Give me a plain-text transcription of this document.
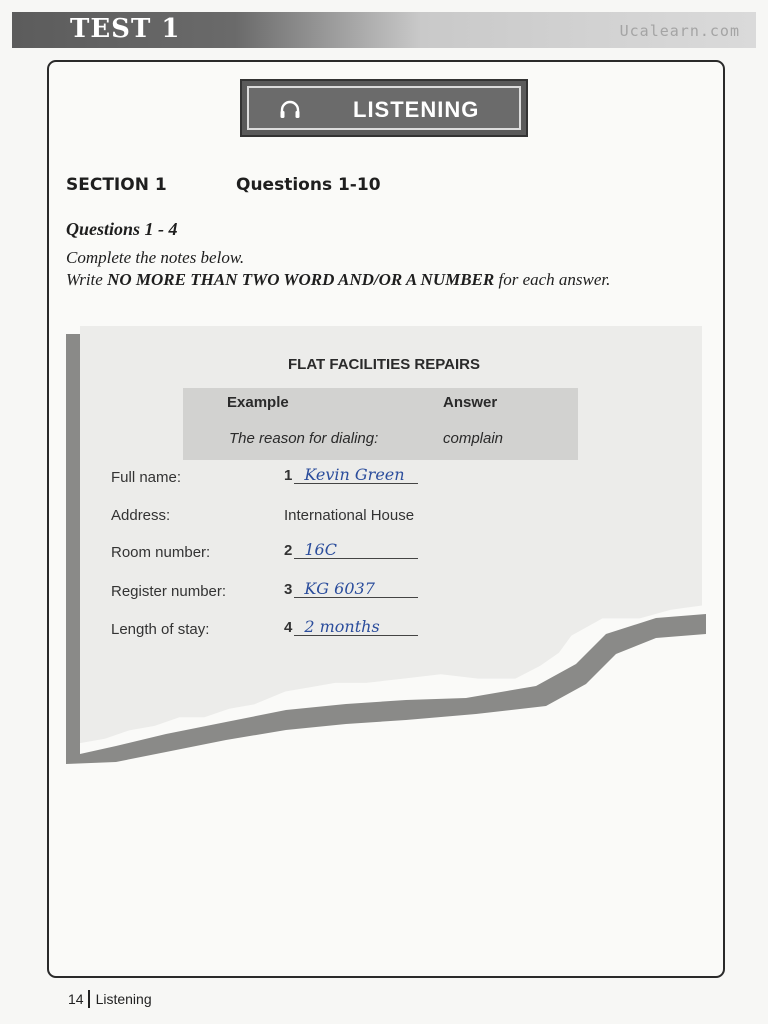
TEST 1	Ucalearn.com
LISTENING
SECTION 1	Questions 1-10
Questions 1 - 4
Complete the notes below.
Write NO MORE THAN TWO WORD AND/OR A NUMBER for each answer.
FLAT FACILITIES REPAIRS
Example	Answer
The reason for dialing:	complain
Full name:	1 Kevin Green
Address:	International House
Room number:	2 16C
Register number:	3 KG 6037
Length of stay:	4 2 months
14 Listening
